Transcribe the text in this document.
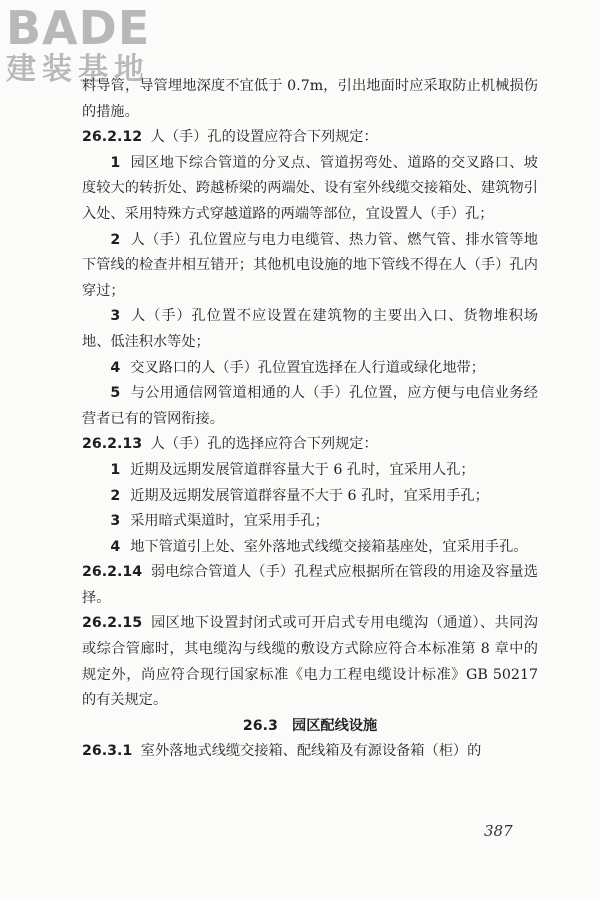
BADE
建装基地

料导管，导管埋地深度不宜低于 0.7m，引出地面时应采取防止机械损伤的措施。

26.2.12 人（手）孔的设置应符合下列规定：

1 园区地下综合管道的分叉点、管道拐弯处、道路的交叉路口、坡度较大的转折处、跨越桥梁的两端处、设有室外线缆交接箱处、建筑物引入处、采用特殊方式穿越道路的两端等部位，宜设置人（手）孔；

2 人（手）孔位置应与电力电缆管、热力管、燃气管、排水管等地下管线的检查井相互错开；其他机电设施的地下管线不得在人（手）孔内穿过；

3 人（手）孔位置不应设置在建筑物的主要出入口、货物堆积场地、低洼积水等处；

4 交叉路口的人（手）孔位置宜选择在人行道或绿化地带；

5 与公用通信网管道相通的人（手）孔位置，应方便与电信业务经营者已有的管网衔接。

26.2.13 人（手）孔的选择应符合下列规定：

1 近期及远期发展管道群容量大于 6 孔时，宜采用人孔；

2 近期及远期发展管道群容量不大于 6 孔时，宜采用手孔；

3 采用暗式渠道时，宜采用手孔；

4 地下管道引上处、室外落地式线缆交接箱基座处，宜采用手孔。

26.2.14 弱电综合管道人（手）孔程式应根据所在管段的用途及容量选择。

26.2.15 园区地下设置封闭式或可开启式专用电缆沟（通道）、共同沟或综合管廊时，其电缆沟与线缆的敷设方式除应符合本标准第 8 章中的规定外，尚应符合现行国家标准《电力工程电缆设计标准》GB 50217 的有关规定。

26.3 园区配线设施

26.3.1 室外落地式线缆交接箱、配线箱及有源设备箱（柜）的

387
